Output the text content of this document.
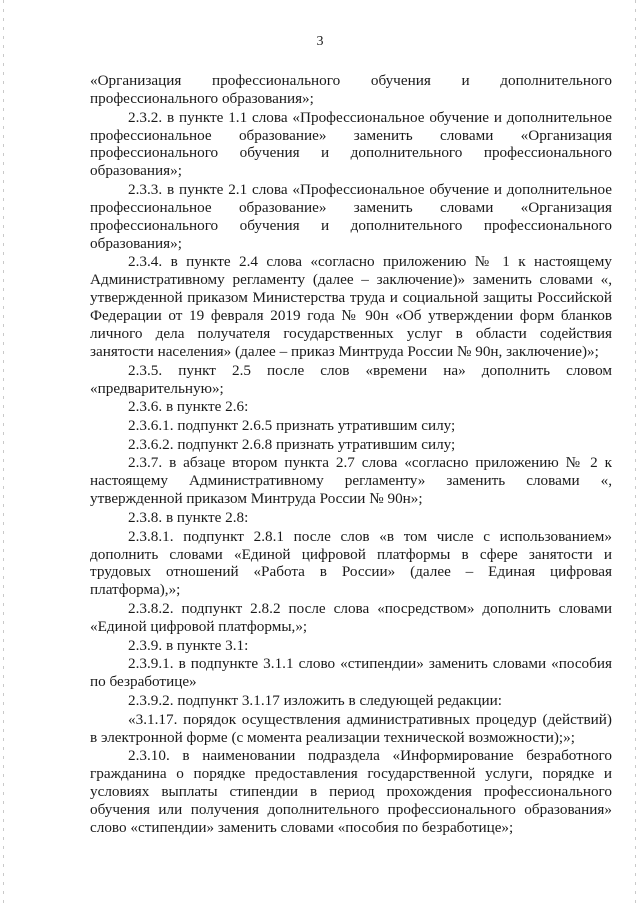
3

«Организация профессионального обучения и дополнительного профессионального образования»;

2.3.2. в пункте 1.1 слова «Профессиональное обучение и дополнительное профессиональное образование» заменить словами «Организация профессионального обучения и дополнительного профессионального образования»;

2.3.3. в пункте 2.1 слова «Профессиональное обучение и дополнительное профессиональное образование» заменить словами «Организация профессионального обучения и дополнительного профессионального образования»;

2.3.4. в пункте 2.4 слова «согласно приложению № 1 к настоящему Административному регламенту (далее – заключение)» заменить словами «, утвержденной приказом Министерства труда и социальной защиты Российской Федерации от 19 февраля 2019 года № 90н «Об утверждении форм бланков личного дела получателя государственных услуг в области содействия занятости населения» (далее – приказ Минтруда России № 90н, заключение)»;

2.3.5. пункт 2.5 после слов «времени на» дополнить словом «предварительную»;

2.3.6. в пункте 2.6:

2.3.6.1. подпункт 2.6.5 признать утратившим силу;

2.3.6.2. подпункт 2.6.8 признать утратившим силу;

2.3.7. в абзаце втором пункта 2.7 слова «согласно приложению № 2 к настоящему Административному регламенту» заменить словами «, утвержденной приказом Минтруда России № 90н»;

2.3.8. в пункте 2.8:

2.3.8.1. подпункт 2.8.1 после слов «в том числе с использованием» дополнить словами «Единой цифровой платформы в сфере занятости и трудовых отношений «Работа в России» (далее – Единая цифровая платформа),»;

2.3.8.2. подпункт 2.8.2 после слова «посредством» дополнить словами «Единой цифровой платформы,»;

2.3.9. в пункте 3.1:

2.3.9.1. в подпункте 3.1.1 слово «стипендии» заменить словами «пособия по безработице»

2.3.9.2. подпункт 3.1.17 изложить в следующей редакции:

«3.1.17. порядок осуществления административных процедур (действий) в электронной форме (с момента реализации технической возможности);»;

2.3.10. в наименовании подраздела «Информирование безработного гражданина о порядке предоставления государственной услуги, порядке и условиях выплаты стипендии в период прохождения профессионального обучения или получения дополнительного профессионального образования» слово «стипендии» заменить словами «пособия по безработице»;
